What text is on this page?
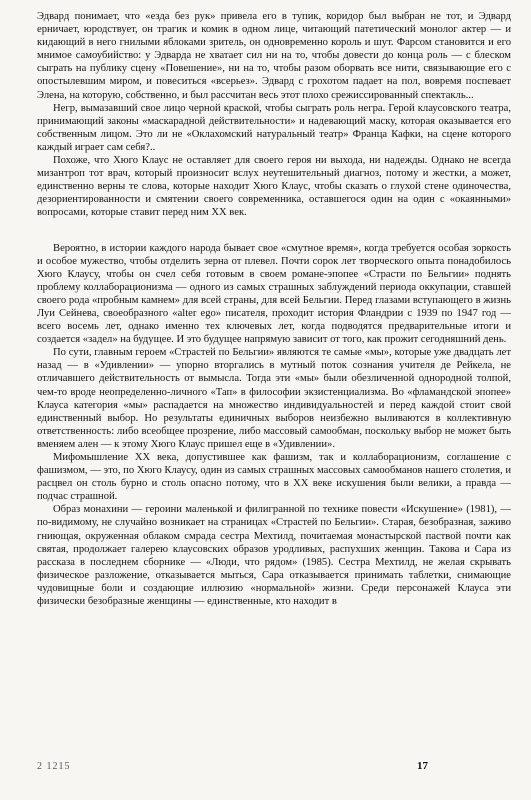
Эдвард понимает, что «езда без рук» привела его в тупик, коридор был выбран не тот, и Эдвард ерничает, юродствует, он трагик и комик в одном лице, читающий патетический монолог актер — и кидающий в него гнилыми яблоками зритель, он одновременно король и шут. Фарсом становится и его мнимое самоубийство: у Эдварда не хватает сил ни на то, чтобы довести до конца роль — с блеском сыграть на публику сцену «Повешение», ни на то, чтобы разом оборвать все нити, связывающие его с опостылевшим миром, и повеситься «всерьез». Эдвард с грохотом падает на пол, вовремя поспевает Элена, на которую, собственно, и был рассчитан весь этот плохо срежиссированный спектакль...

Негр, вымазавший свое лицо черной краской, чтобы сыграть роль негра. Герой клаусовского театра, принимающий законы «маскарадной действительности» и надевающий маску, которая оказывается его собственным лицом. Это ли не «Оклахомский натуральный театр» Франца Кафки, на сцене которого каждый играет сам себя?..

Похоже, что Хюго Клаус не оставляет для своего героя ни выхода, ни надежды. Однако не всегда мизантроп тот врач, который произносит вслух неутешительный диагноз, потому и жестки, а может, единственно верны те слова, которые находит Хюго Клаус, чтобы сказать о глухой стене одиночества, дезориентированности и смятении своего современника, оставшегося один на один с «окаянными» вопросами, которые ставит перед ним XX век.

Вероятно, в истории каждого народа бывает свое «смутное время», когда требуется особая зоркость и особое мужество, чтобы отделить зерна от плевел. Почти сорок лет творческого опыта понадобилось Хюго Клаусу, чтобы он счел себя готовым в своем романе-эпопее «Страсти по Бельгии» поднять проблему коллаборационизма — одного из самых страшных заблуждений периода оккупации, ставшей своего рода «пробным камнем» для всей страны, для всей Бельгии. Перед глазами вступающего в жизнь Луи Сейнева, своеобразного «alter ego» писателя, проходит история Фландрии с 1939 по 1947 год — всего восемь лет, однако именно тех ключевых лет, когда подводятся предварительные итоги и создается «задел» на будущее. И это будущее напрямую зависит от того, как прожит сегодняшний день.

По сути, главным героем «Страстей по Бельгии» являются те самые «мы», которые уже двадцать лет назад — в «Удивлении» — упорно вторгались в мутный поток сознания учителя де Рейкела, не отличавшего действительность от вымысла. Тогда эти «мы» были обезличенной однородной толпой, чем-то вроде неопределенно-личного «Тап» в философии экзистенциализма. Во «фламандской эпопее» Клауса категория «мы» распадается на множество индивидуальностей и перед каждой стоит свой единственный выбор. Но результаты единичных выборов неизбежно выливаются в коллективную ответственность: либо всеобщее прозрение, либо массовый самообман, поскольку выбор не может быть вменяем ален — к этому Хюго Клаус пришел еще в «Удивлении».

Мифомышление XX века, допустившее как фашизм, так и коллаборационизм, соглашение с фашизмом, — это, по Хюго Клаусу, один из самых страшных массовых самообманов нашего столетия, и расцвел он столь бурно и столь опасно потому, что в XX веке искушения были велики, а правда — подчас страшной.

Образ монахини — героини маленькой и филигранной по технике повести «Искушение» (1981), — по-видимому, не случайно возникает на страницах «Страстей по Бельгии». Старая, безобразная, заживо гниющая, окруженная облаком смрада сестра Мехтилд, почитаемая монастырской паствой почти как святая, продолжает галерею клаусовских образов уродливых, распухших женщин. Такова и Сара из рассказа в последнем сборнике — «Люди, что рядом» (1985). Сестра Мехтилд, не желая скрывать физическое разложение, отказывается мыться, Сара отказывается принимать таблетки, снимающие чудовищные боли и создающие иллюзию «нормальной» жизни. Среди персонажей Клауса эти физически безобразные женщины — единственные, кто находит в

2 1215	17
